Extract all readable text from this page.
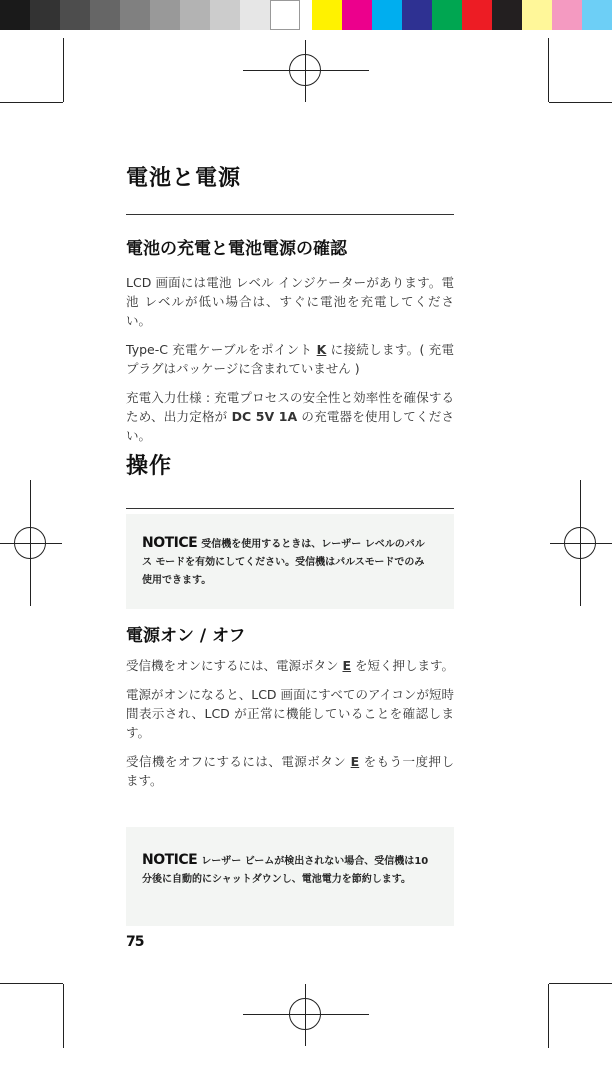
電池と電源
電池の充電と電池電源の確認

LCD 画面には電池 レベル インジケーターがあります。電池 レベルが低い場合は、すぐに電池を充電してください。

Type-C 充電ケーブルをポイント K に接続します。( 充電プラグはパッケージに含まれていません )

充電入力仕様 : 充電プロセスの安全性と効率性を確保するため、出力定格が DC 5V 1A の充電器を使用してください。

操作
NOTICE 受信機を使用するときは、レーザー レベルのパルス モードを有効にしてください。受信機はパルスモードでのみ使用できます。
電源オン / オフ

受信機をオンにするには、電源ボタン E を短く押します。

電源がオンになると、LCD 画面にすべてのアイコンが短時間表示され、LCD が正常に機能していることを確認します。

受信機をオフにするには、電源ボタン E をもう一度押します。

NOTICE レーザー ビームが検出されない場合、受信機は10 分後に自動的にシャットダウンし、電池電力を節約します。
75
